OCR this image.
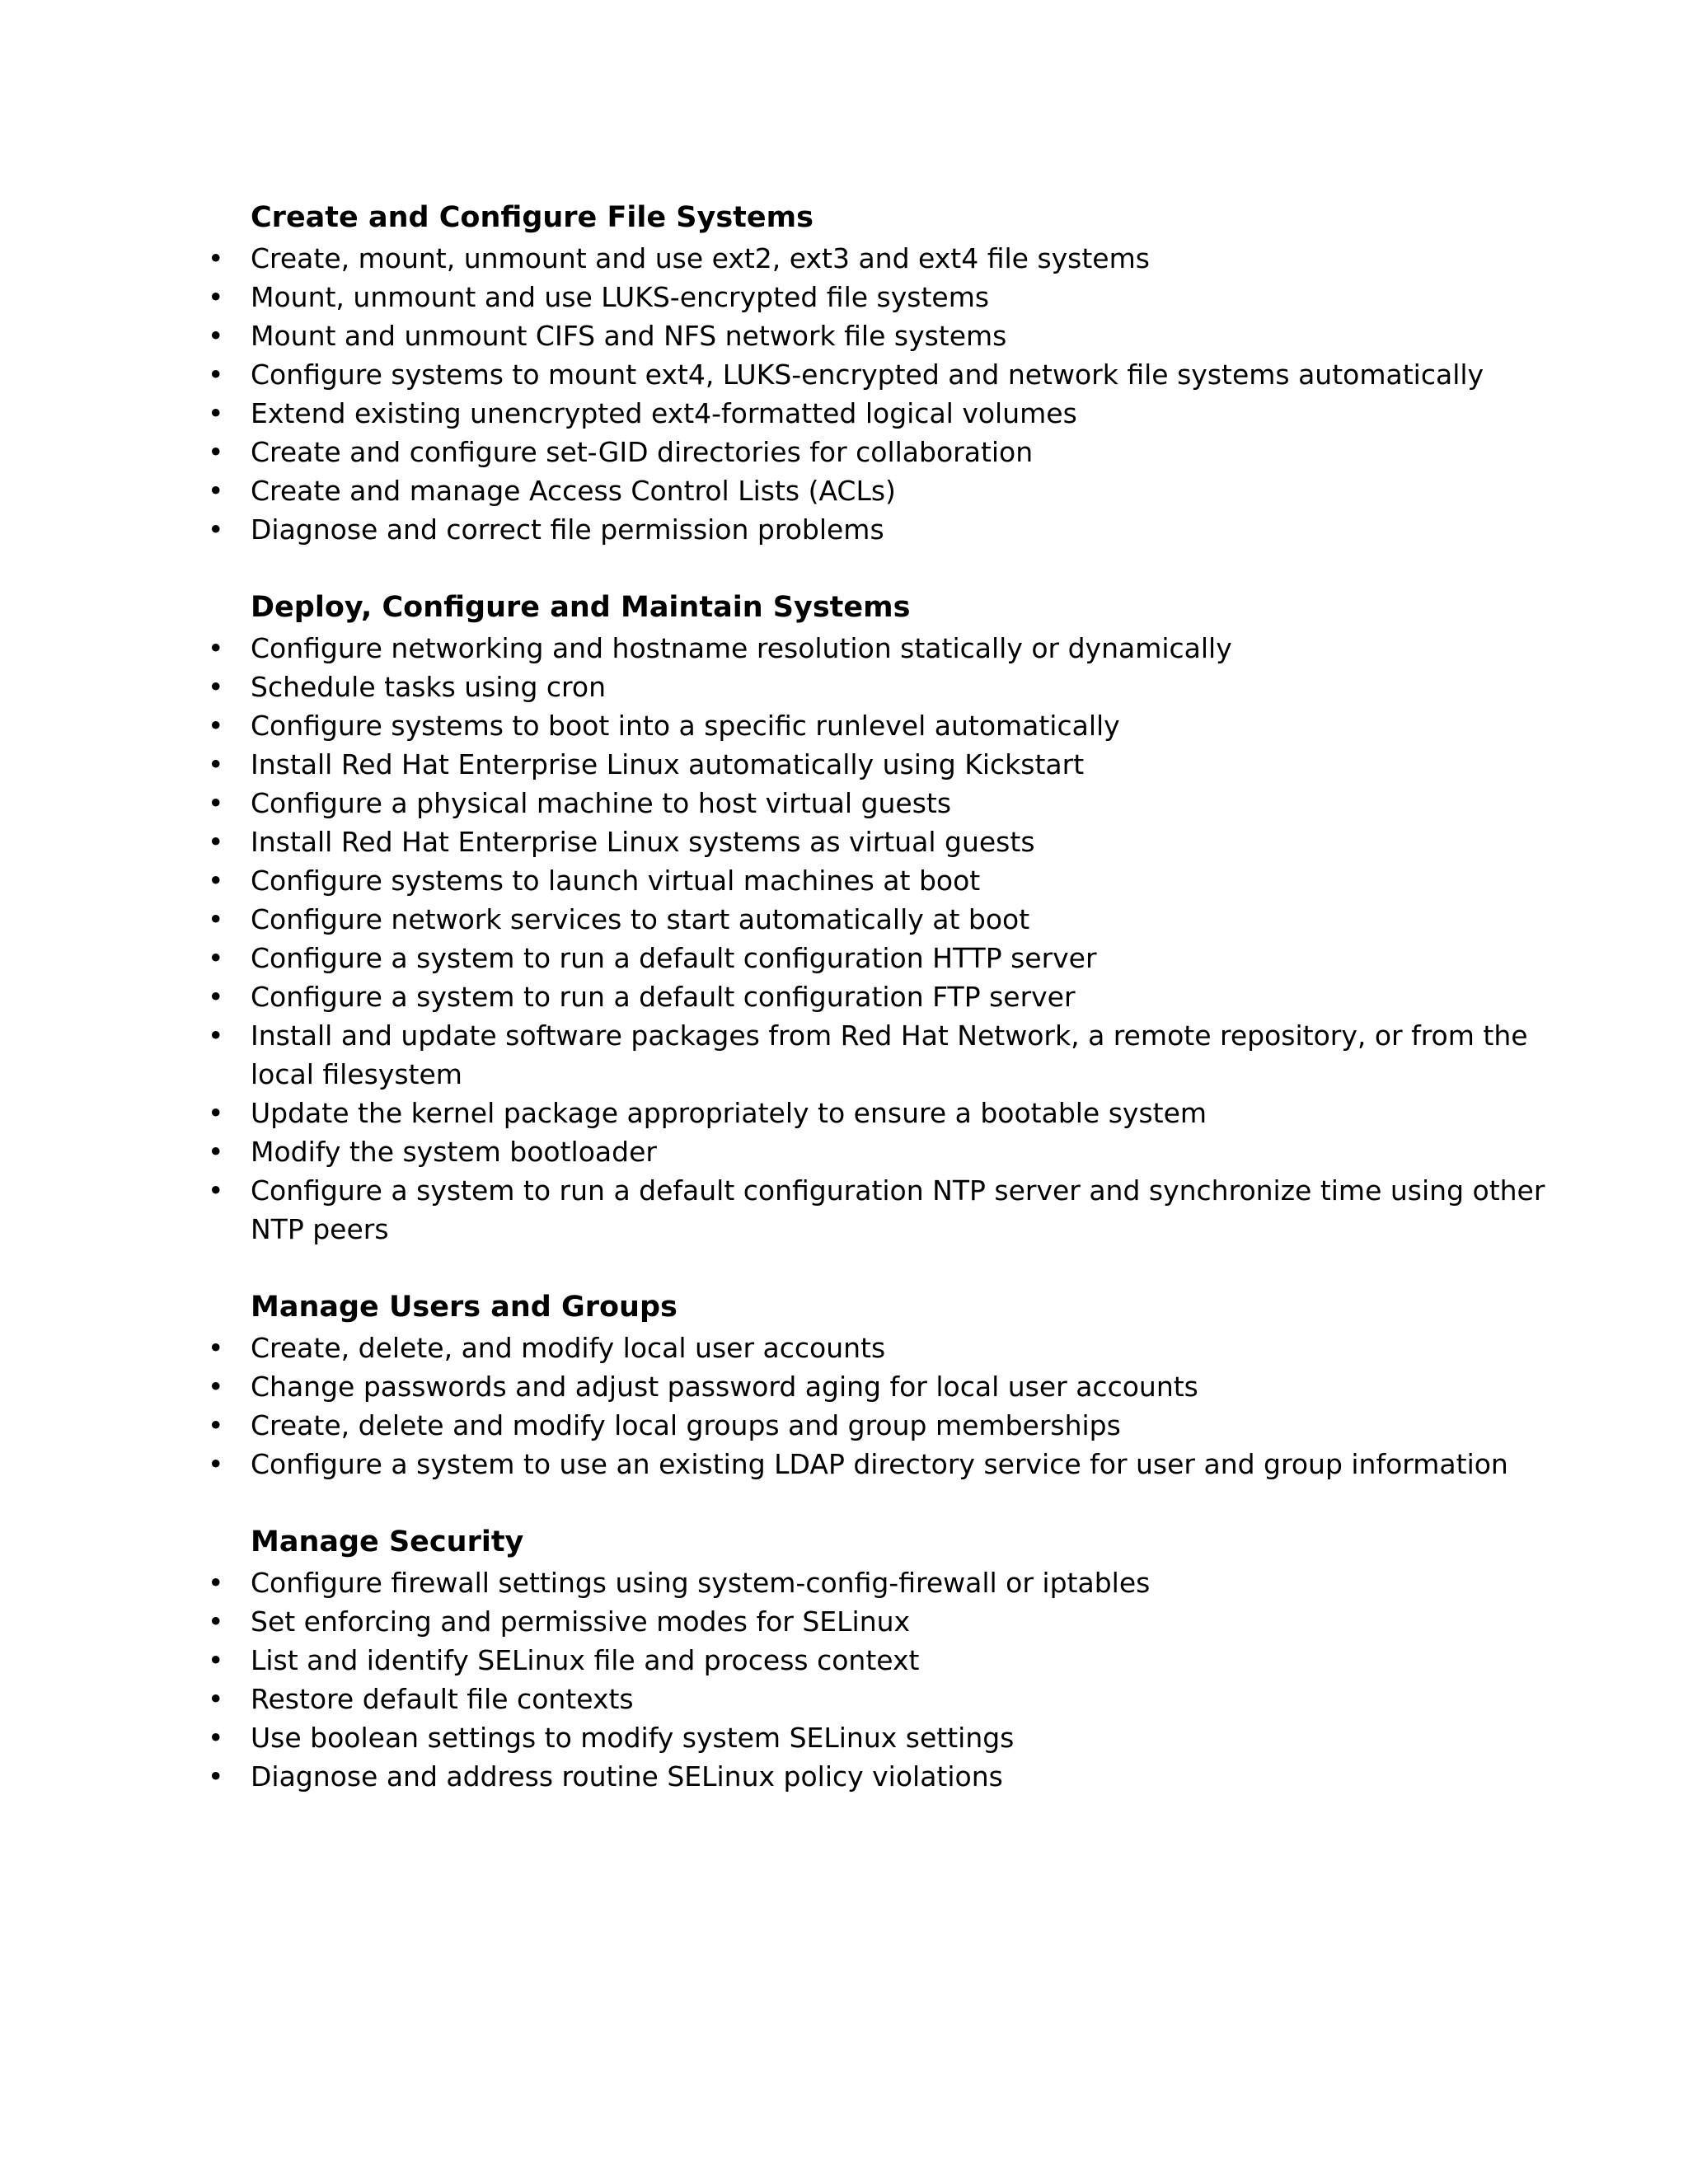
Create and Configure File Systems
• Create, mount, unmount and use ext2, ext3 and ext4 file systems
• Mount, unmount and use LUKS-encrypted file systems
• Mount and unmount CIFS and NFS network file systems
• Configure systems to mount ext4, LUKS-encrypted and network file systems automatically
• Extend existing unencrypted ext4-formatted logical volumes
• Create and configure set-GID directories for collaboration
• Create and manage Access Control Lists (ACLs)
• Diagnose and correct file permission problems
Deploy, Configure and Maintain Systems
• Configure networking and hostname resolution statically or dynamically
• Schedule tasks using cron
• Configure systems to boot into a specific runlevel automatically
• Install Red Hat Enterprise Linux automatically using Kickstart
• Configure a physical machine to host virtual guests
• Install Red Hat Enterprise Linux systems as virtual guests
• Configure systems to launch virtual machines at boot
• Configure network services to start automatically at boot
• Configure a system to run a default configuration HTTP server
• Configure a system to run a default configuration FTP server
• Install and update software packages from Red Hat Network, a remote repository, or from the local filesystem
• Update the kernel package appropriately to ensure a bootable system
• Modify the system bootloader
• Configure a system to run a default configuration NTP server and synchronize time using other NTP peers
Manage Users and Groups
• Create, delete, and modify local user accounts
• Change passwords and adjust password aging for local user accounts
• Create, delete and modify local groups and group memberships
• Configure a system to use an existing LDAP directory service for user and group information
Manage Security
• Configure firewall settings using system-config-firewall or iptables
• Set enforcing and permissive modes for SELinux
• List and identify SELinux file and process context
• Restore default file contexts
• Use boolean settings to modify system SELinux settings
• Diagnose and address routine SELinux policy violations
